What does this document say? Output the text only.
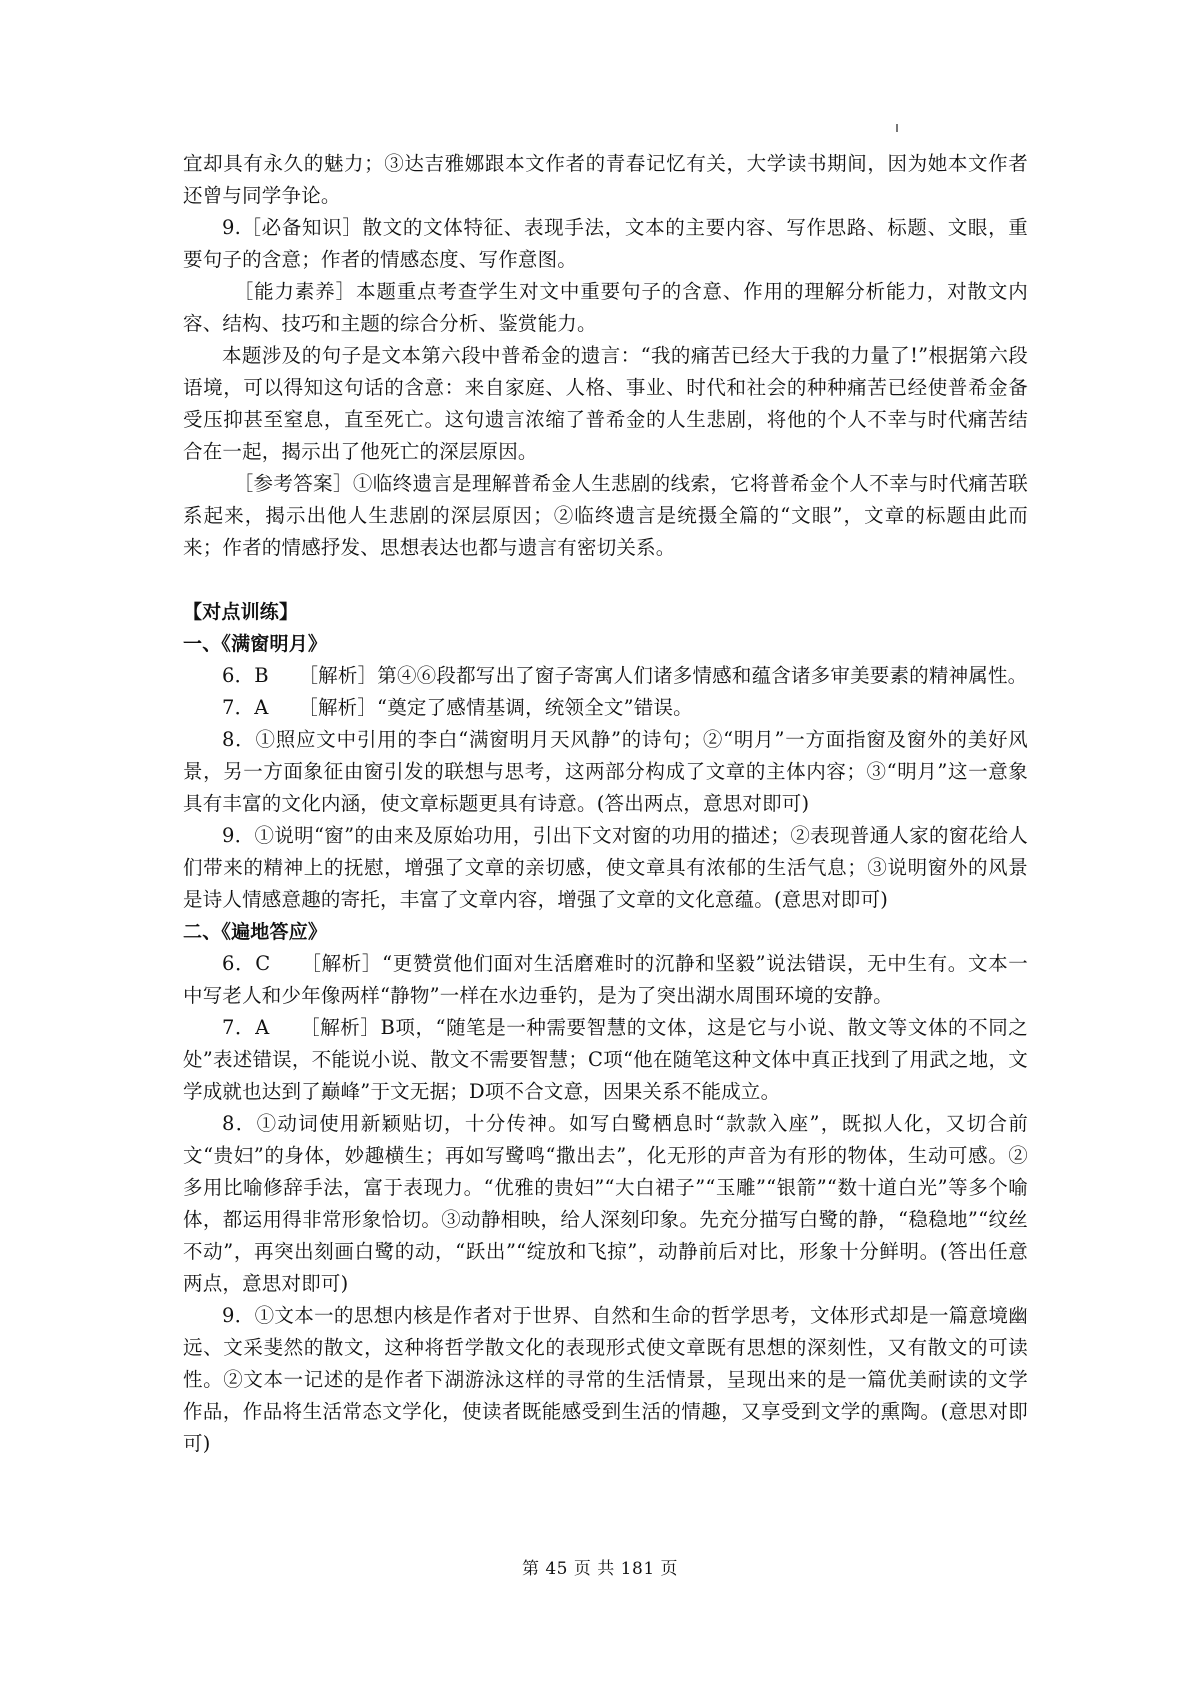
宜却具有永久的魅力；③达吉雅娜跟本文作者的青春记忆有关，大学读书期间，因为她本文作者还曾与同学争论。

9.［必备知识］散文的文体特征、表现手法，文本的主要内容、写作思路、标题、文眼，重要句子的含意；作者的情感态度、写作意图。

［能力素养］本题重点考查学生对文中重要句子的含意、作用的理解分析能力，对散文内容、结构、技巧和主题的综合分析、鉴赏能力。

本题涉及的句子是文本第六段中普希金的遗言：“我的痛苦已经大于我的力量了!”根据第六段语境，可以得知这句话的含意：来自家庭、人格、事业、时代和社会的种种痛苦已经使普希金备受压抑甚至窒息，直至死亡。这句遗言浓缩了普希金的人生悲剧，将他的个人不幸与时代痛苦结合在一起，揭示出了他死亡的深层原因。

［参考答案］①临终遗言是理解普希金人生悲剧的线索，它将普希金个人不幸与时代痛苦联系起来，揭示出他人生悲剧的深层原因；②临终遗言是统摄全篇的“文眼”，文章的标题由此而来；作者的情感抒发、思想表达也都与遗言有密切关系。

【对点训练】

一、《满窗明月》

6．B　　［解析］第④⑥段都写出了窗子寄寓人们诸多情感和蕴含诸多审美要素的精神属性。

7．A　　［解析］“奠定了感情基调，统领全文”错误。

8．①照应文中引用的李白“满窗明月天风静”的诗句；②“明月”一方面指窗及窗外的美好风景，另一方面象征由窗引发的联想与思考，这两部分构成了文章的主体内容；③“明月”这一意象具有丰富的文化内涵，使文章标题更具有诗意。(答出两点，意思对即可)

9．①说明“窗”的由来及原始功用，引出下文对窗的功用的描述；②表现普通人家的窗花给人们带来的精神上的抚慰，增强了文章的亲切感，使文章具有浓郁的生活气息；③说明窗外的风景是诗人情感意趣的寄托，丰富了文章内容，增强了文章的文化意蕴。(意思对即可)

二、《遍地答应》

6．C　　［解析］“更赞赏他们面对生活磨难时的沉静和坚毅”说法错误，无中生有。文本一中写老人和少年像两样“静物”一样在水边垂钓，是为了突出湖水周围环境的安静。

7．A　　［解析］B项，“随笔是一种需要智慧的文体，这是它与小说、散文等文体的不同之处”表述错误，不能说小说、散文不需要智慧；C项“他在随笔这种文体中真正找到了用武之地，文学成就也达到了巅峰”于文无据；D项不合文意，因果关系不能成立。

8．①动词使用新颖贴切，十分传神。如写白鹭栖息时“款款入座”，既拟人化，又切合前文“贵妇”的身体，妙趣横生；再如写鹭鸣“撒出去”，化无形的声音为有形的物体，生动可感。②多用比喻修辞手法，富于表现力。“优雅的贵妇”“大白裙子”“玉雕”“银箭”“数十道白光”等多个喻体，都运用得非常形象恰切。③动静相映，给人深刻印象。先充分描写白鹭的静，“稳稳地”“纹丝不动”，再突出刻画白鹭的动，“跃出”“绽放和飞掠”，动静前后对比，形象十分鲜明。(答出任意两点，意思对即可)

9．①文本一的思想内核是作者对于世界、自然和生命的哲学思考，文体形式却是一篇意境幽远、文采斐然的散文，这种将哲学散文化的表现形式使文章既有思想的深刻性，又有散文的可读性。②文本一记述的是作者下湖游泳这样的寻常的生活情景，呈现出来的是一篇优美耐读的文学作品，作品将生活常态文学化，使读者既能感受到生活的情趣，又享受到文学的熏陶。(意思对即可)

第 45 页 共 181 页
